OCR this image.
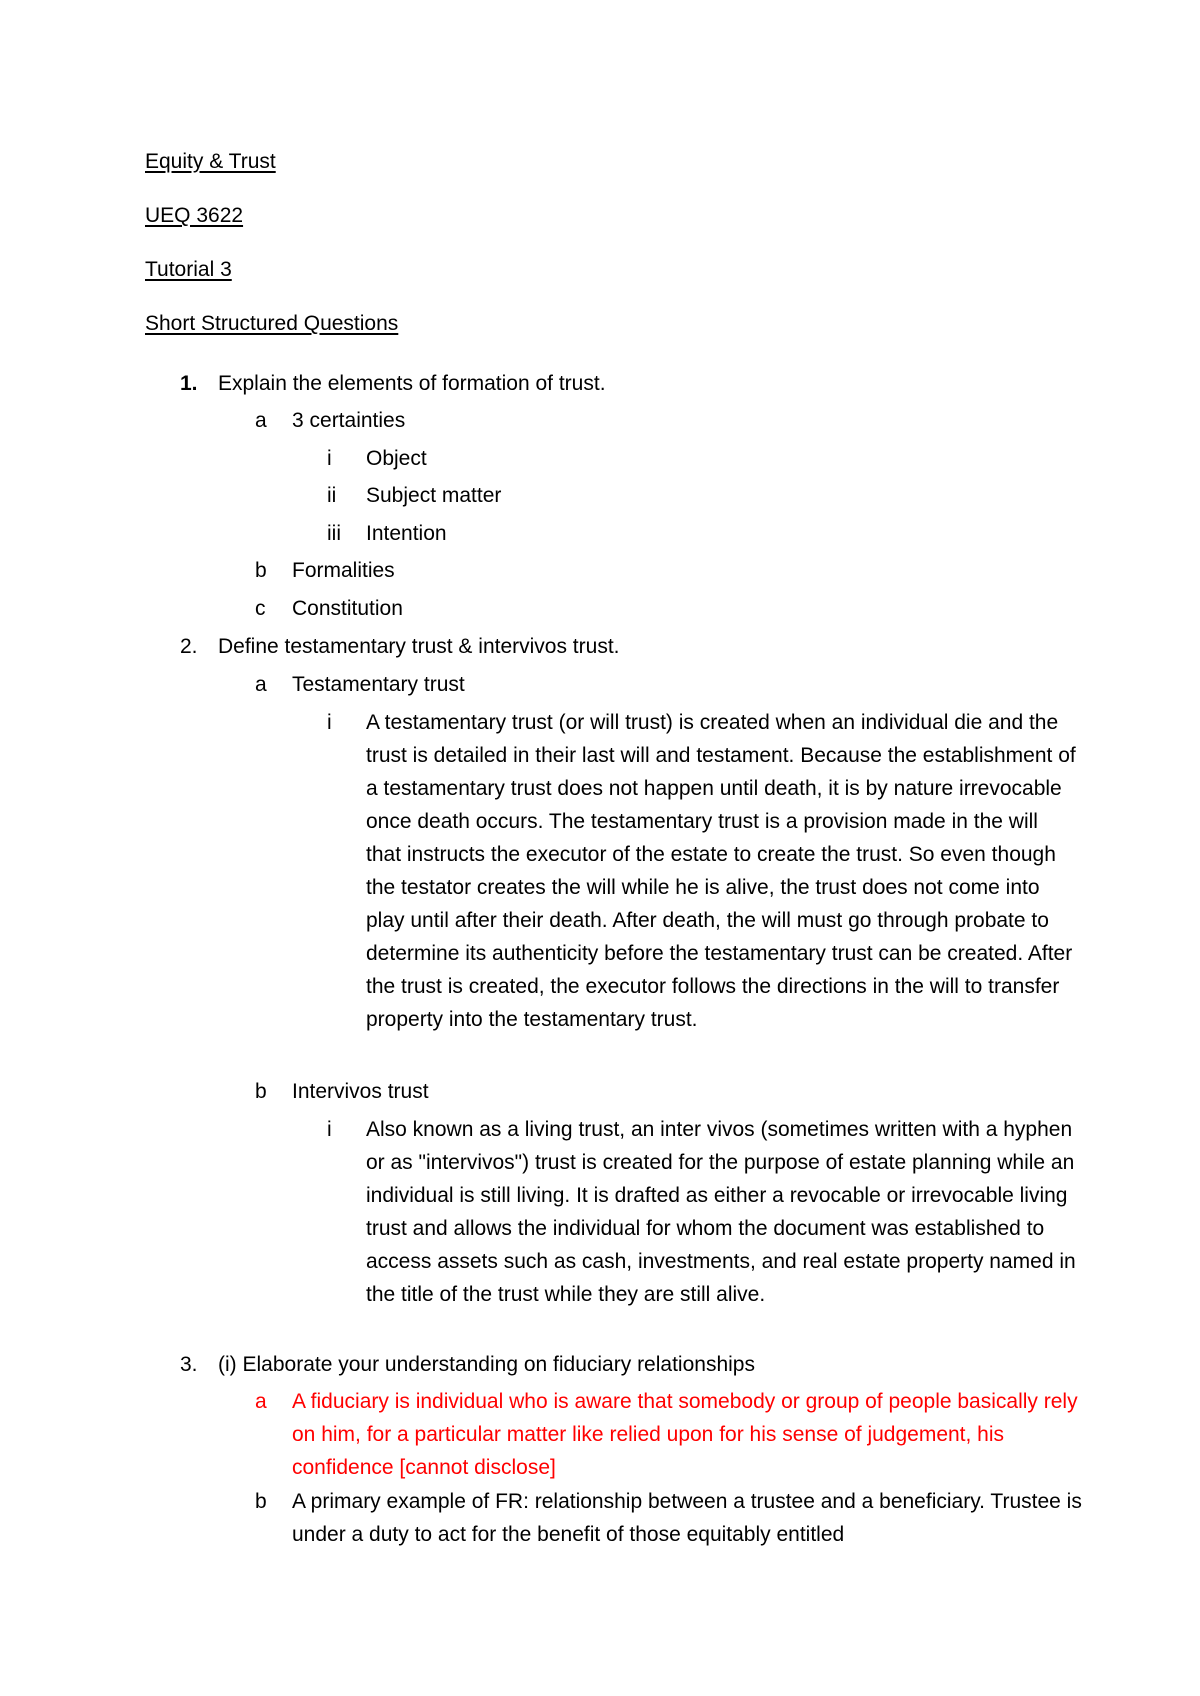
Equity & Trust
UEQ 3622
Tutorial 3
Short Structured Questions
1. Explain the elements of formation of trust.
a 3 certainties
i Object
ii Subject matter
iii Intention
b Formalities
c Constitution
2. Define testamentary trust & intervivos trust.
a Testamentary trust
i A testamentary trust (or will trust) is created when an individual die and the trust is detailed in their last will and testament. Because the establishment of a testamentary trust does not happen until death, it is by nature irrevocable once death occurs. The testamentary trust is a provision made in the will that instructs the executor of the estate to create the trust. So even though the testator creates the will while he is alive, the trust does not come into play until after their death. After death, the will must go through probate to determine its authenticity before the testamentary trust can be created. After the trust is created, the executor follows the directions in the will to transfer property into the testamentary trust.
b Intervivos trust
i Also known as a living trust, an inter vivos (sometimes written with a hyphen or as "intervivos") trust is created for the purpose of estate planning while an individual is still living. It is drafted as either a revocable or irrevocable living trust and allows the individual for whom the document was established to access assets such as cash, investments, and real estate property named in the title of the trust while they are still alive.
3. (i) Elaborate your understanding on fiduciary relationships
a A fiduciary is individual who is aware that somebody or group of people basically rely on him, for a particular matter like relied upon for his sense of judgement, his confidence [cannot disclose]
b A primary example of FR: relationship between a trustee and a beneficiary. Trustee is under a duty to act for the benefit of those equitably entitled
